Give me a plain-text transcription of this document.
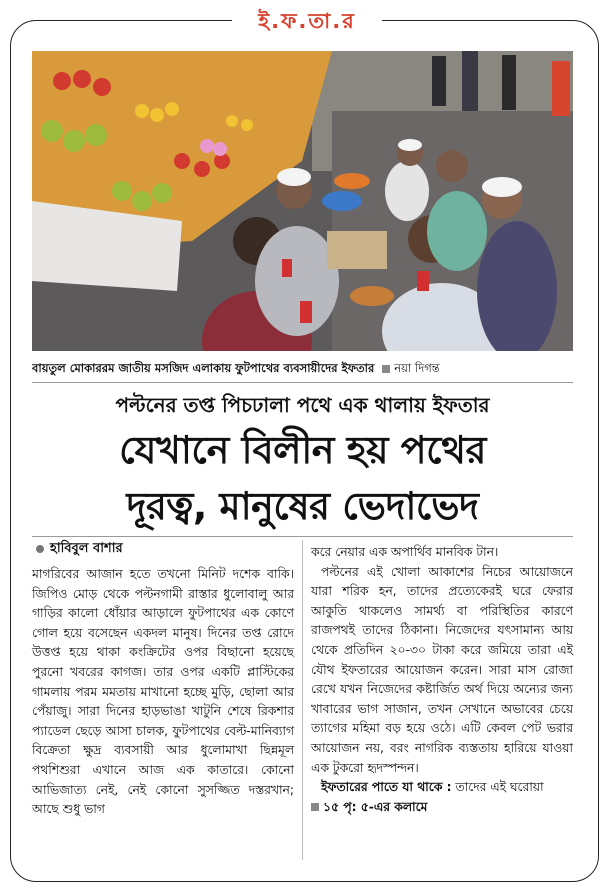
ই.ফ.তা.র
বায়তুল মোকাররম জাতীয় মসজিদ এলাকায় ফুটপাথের ব্যবসায়ীদের ইফতার নয়া দিগন্ত
পল্টনের তপ্ত পিচঢালা পথে এক থালায় ইফতার
যেখানে বিলীন হয় পথের
দূরত্ব, মানুষের ভেদাভেদ
হাবিবুল বাশার

মাগরিবের আজান হতে তখনো মিনিট দশেক বাকি। জিপিও মোড় থেকে পল্টনগামী রাস্তার ধুলোবালু আর গাড়ির কালো ধোঁয়ার আড়ালে ফুটপাথের এক কোণে গোল হয়ে বসেছেন একদল মানুষ। দিনের তপ্ত রোদে উত্তপ্ত হয়ে থাকা কংক্রিটের ওপর বিছানো হয়েছে পুরনো খবরের কাগজ। তার ওপর একটি প্লাস্টিকের গামলায় পরম মমতায় মাখানো হচ্ছে মুড়ি, ছোলা আর পেঁয়াজু। সারা দিনের হাড়ভাঙা খাটুনি শেষে রিকশার প্যাডেল ছেড়ে আসা চালক, ফুটপাথের বেল্ট-মানিব্যাগ বিক্রেতা ক্ষুদ্র ব্যবসায়ী আর ধুলোমাখা ছিন্নমূল পথশিশুরা এখানে আজ এক কাতারে। কোনো আভিজাত্য নেই, নেই কোনো সুসজ্জিত দস্তরখান; আছে শুধু ভাগ

করে নেয়ার এক অপার্থিব মানবিক টান।

পল্টনের এই খোলা আকাশের নিচের আয়োজনে যারা শরিক হন, তাদের প্রত্যেকেরই ঘরে ফেরার আকুতি থাকলেও সামর্থ্য বা পরিস্থিতির কারণে রাজপথই তাদের ঠিকানা। নিজেদের যৎসামান্য আয় থেকে প্রতিদিন ২০-৩০ টাকা করে জমিয়ে তারা এই যৌথ ইফতারের আয়োজন করেন। সারা মাস রোজা রেখে যখন নিজেদের কষ্টার্জিত অর্থ দিয়ে অন্যের জন্য খাবারের ভাগ সাজান, তখন সেখানে অভাবের চেয়ে ত্যাগের মহিমা বড় হয়ে ওঠে। এটি কেবল পেট ভরার আয়োজন নয়, বরং নাগরিক ব্যস্ততায় হারিয়ে যাওয়া এক টুকরো হৃদস্পন্দন।

ইফতারের পাতে যা থাকে : তাদের এই ঘরোয়া

১৫ পৃ: ৫-এর কলামে
